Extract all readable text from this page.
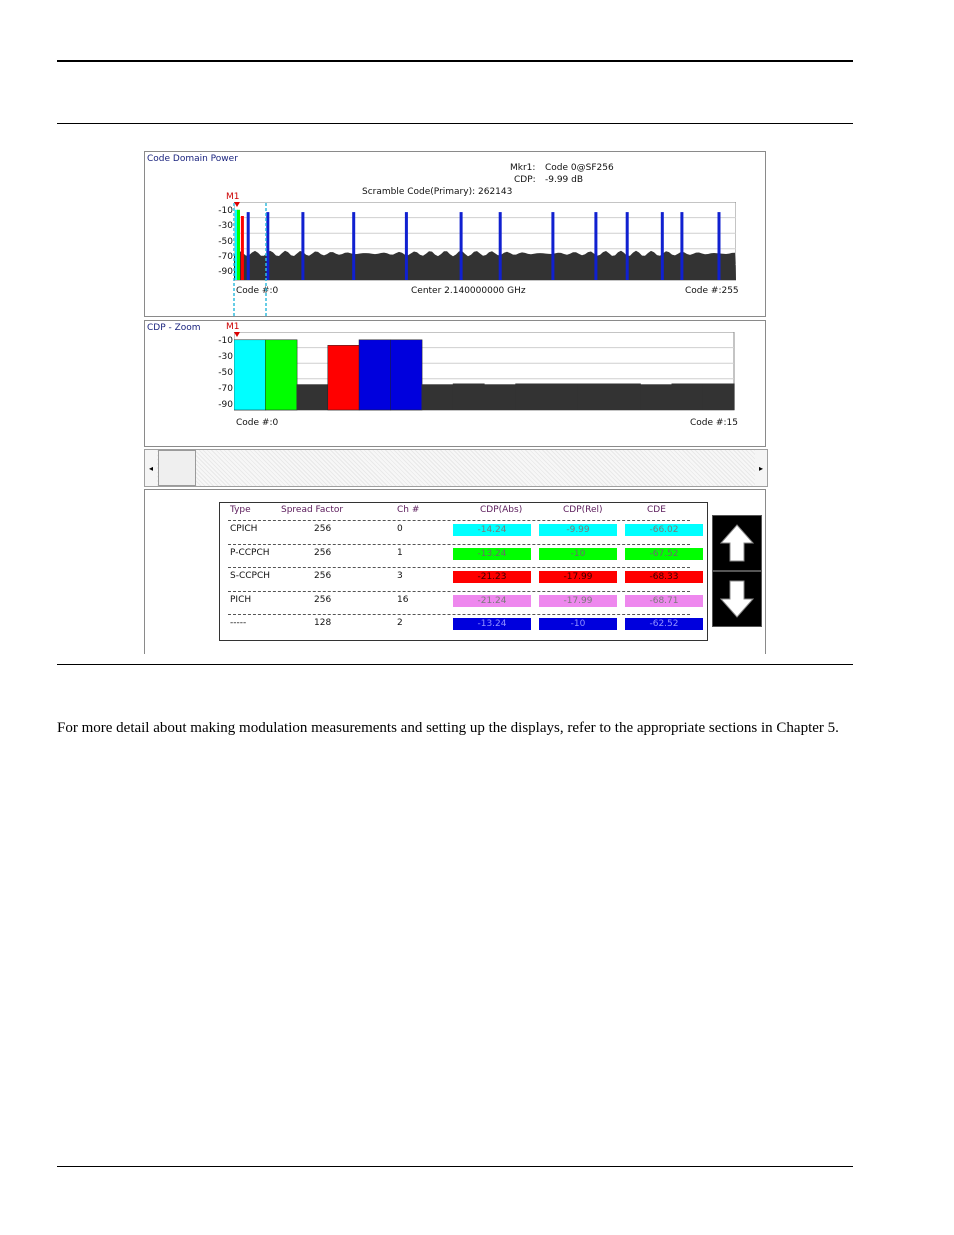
Code Domain Power
Mkr1: Code 0@SF256
CDP: -9.99 dB
Scramble Code(Primary): 262143
M1
-10
-30
-50
-70
-90
Code #:0	Center 2.140000000 GHz	Code #:255
CDP - Zoom	M1
-10
-30
-50
-70
-90
Code #:0	Code #:15
◂	▸
Type	Spread Factor	Ch #	CDP(Abs)	CDP(Rel)	CDE
CPICH	256	0	-14.24	-9.99	-66.02
P-CCPCH	256	1	-13.24	-10	-67.52
S-CCPCH	256	3	-21.23	-17.99	-68.33
PICH	256	16	-21.24	-17.99	-68.71
-----	128	2	-13.24	-10	-62.52

For more detail about making modulation measurements and setting up the displays, refer to the appropriate sections in Chapter 5.
